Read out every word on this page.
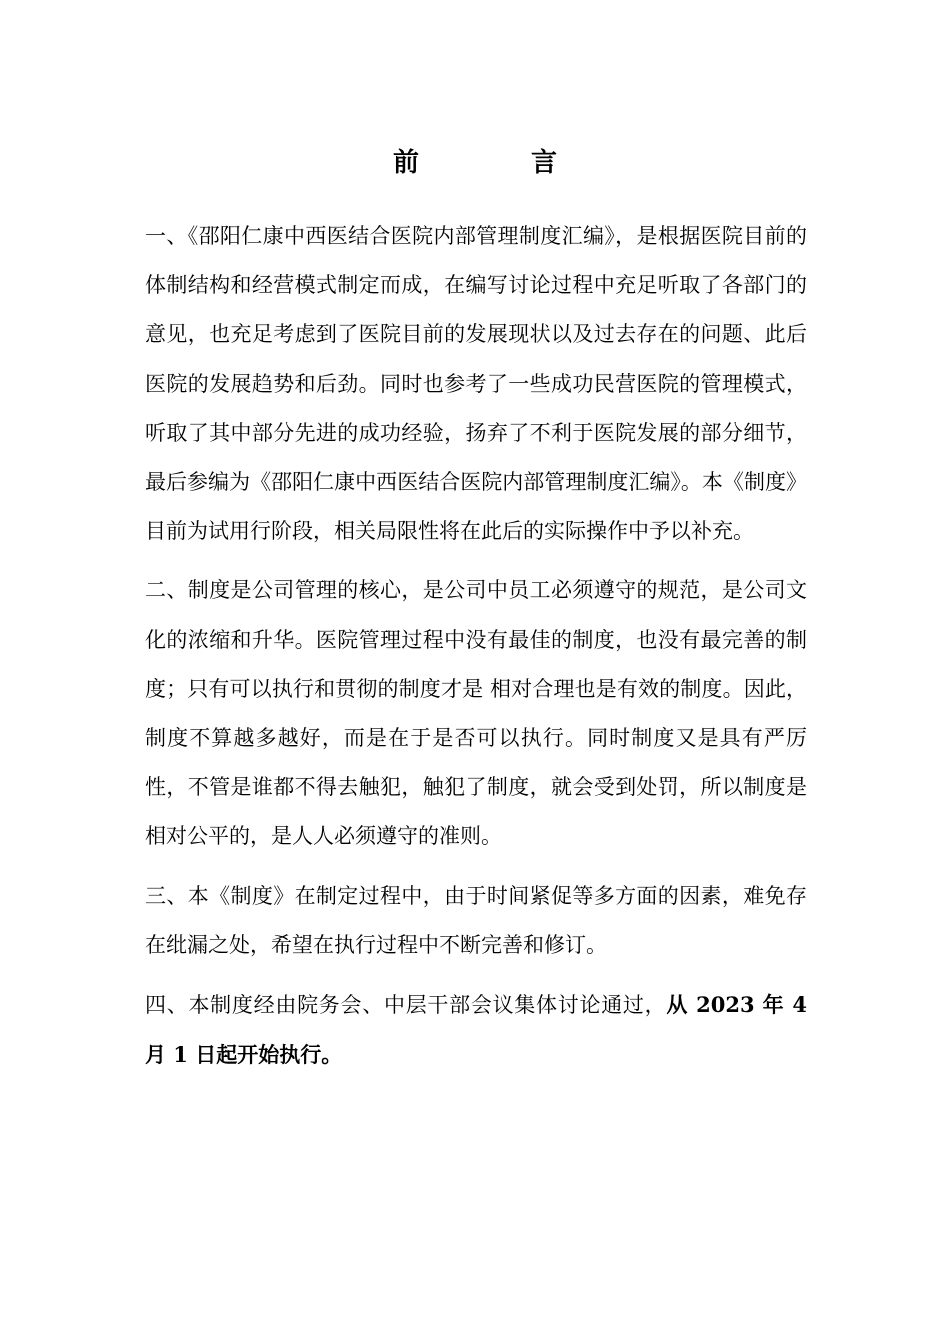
前	言

一、《邵阳仁康中西医结合医院内部管理制度汇编》，是根据医院目前的体制结构和经营模式制定而成，在编写讨论过程中充足听取了各部门的意见，也充足考虑到了医院目前的发展现状以及过去存在的问题、此后医院的发展趋势和后劲。同时也参考了一些成功民营医院的管理模式，听取了其中部分先进的成功经验，扬弃了不利于医院发展的部分细节，最后参编为《邵阳仁康中西医结合医院内部管理制度汇编》。本《制度》目前为试用行阶段，相关局限性将在此后的实际操作中予以补充。

二、制度是公司管理的核心，是公司中员工必须遵守的规范，是公司文化的浓缩和升华。医院管理过程中没有最佳的制度，也没有最完善的制度；只有可以执行和贯彻的制度才是 相对合理也是有效的制度。因此，制度不算越多越好，而是在于是否可以执行。同时制度又是具有严厉性，不管是谁都不得去触犯，触犯了制度，就会受到处罚，所以制度是相对公平的，是人人必须遵守的准则。

三、本《制度》在制定过程中，由于时间紧促等多方面的因素，难免存在纰漏之处，希望在执行过程中不断完善和修订。

四、本制度经由院务会、中层干部会议集体讨论通过，从 2023 年 4 月 1 日起开始执行。
